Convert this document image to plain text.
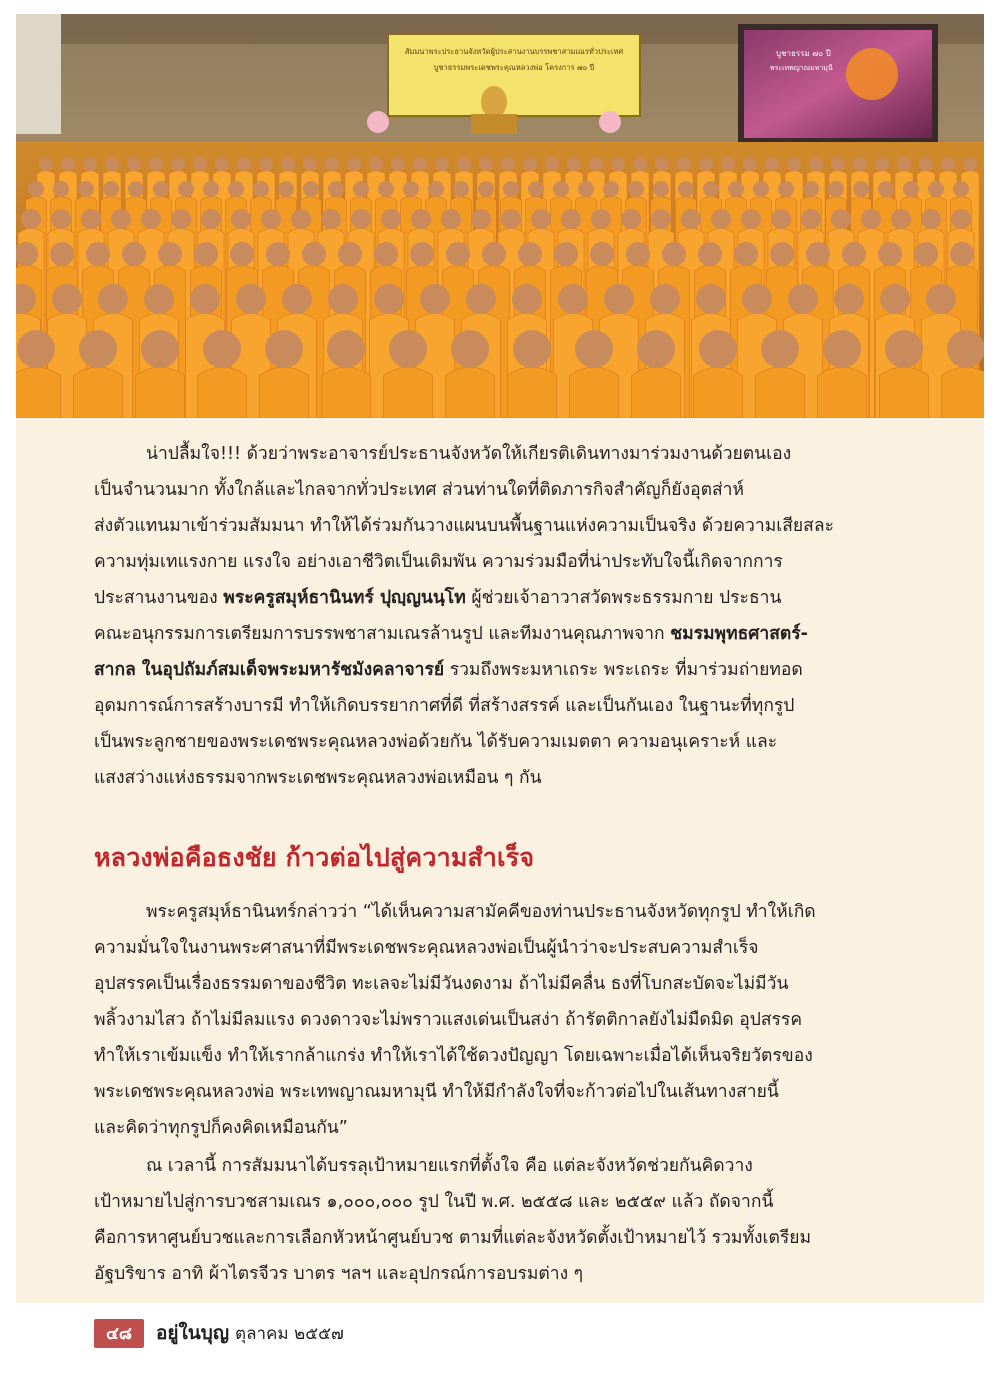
สัมมนาพระประธานจังหวัดผู้ประสานงานบรรพชาสามเณรทั่วประเทศ
บูชาธรรมพระเดชพระคุณหลวงพ่อ โครงการ ๗๐ ปี
บูชาธรรม ๗๐ ปี
พระเทพญาณมหามุนี
น่าปลื้มใจ!!! ด้วยว่าพระอาจารย์ประธานจังหวัดให้เกียรติเดินทางมาร่วมงานด้วยตนเอง
เป็นจำนวนมาก ทั้งใกล้และไกลจากทั่วประเทศ ส่วนท่านใดที่ติดภารกิจสำคัญก็ยังอุตส่าห์
ส่งตัวแทนมาเข้าร่วมสัมมนา ทำให้ได้ร่วมกันวางแผนบนพื้นฐานแห่งความเป็นจริง ด้วยความเสียสละ
ความทุ่มเทแรงกาย แรงใจ อย่างเอาชีวิตเป็นเดิมพัน ความร่วมมือที่น่าประทับใจนี้เกิดจากการ
ประสานงานของ พระครูสมุห์ธานินทร์ ปุญฺญนนฺโท ผู้ช่วยเจ้าอาวาสวัดพระธรรมกาย ประธาน
คณะอนุกรรมการเตรียมการบรรพชาสามเณรล้านรูป และทีมงานคุณภาพจาก ชมรมพุทธศาสตร์-
สากล ในอุปถัมภ์สมเด็จพระมหารัชมังคลาจารย์ รวมถึงพระมหาเถระ พระเถระ ที่มาร่วมถ่ายทอด
อุดมการณ์การสร้างบารมี ทำให้เกิดบรรยากาศที่ดี ที่สร้างสรรค์ และเป็นกันเอง ในฐานะที่ทุกรูป
เป็นพระลูกชายของพระเดชพระคุณหลวงพ่อด้วยกัน ได้รับความเมตตา ความอนุเคราะห์ และ
แสงสว่างแห่งธรรมจากพระเดชพระคุณหลวงพ่อเหมือน ๆ กัน
หลวงพ่อคือธงชัย ก้าวต่อไปสู่ความสำเร็จ
พระครูสมุห์ธานินทร์กล่าวว่า “ได้เห็นความสามัคคีของท่านประธานจังหวัดทุกรูป ทำให้เกิด
ความมั่นใจในงานพระศาสนาที่มีพระเดชพระคุณหลวงพ่อเป็นผู้นำว่าจะประสบความสำเร็จ
อุปสรรคเป็นเรื่องธรรมดาของชีวิต ทะเลจะไม่มีวันงดงาม ถ้าไม่มีคลื่น ธงที่โบกสะบัดจะไม่มีวัน
พลิ้วงามไสว ถ้าไม่มีลมแรง ดวงดาวจะไม่พราวแสงเด่นเป็นสง่า ถ้ารัตติกาลยังไม่มืดมิด อุปสรรค
ทำให้เราเข้มแข็ง ทำให้เรากล้าแกร่ง ทำให้เราได้ใช้ดวงปัญญา โดยเฉพาะเมื่อได้เห็นจริยวัตรของ
พระเดชพระคุณหลวงพ่อ พระเทพญาณมหามุนี ทำให้มีกำลังใจที่จะก้าวต่อไปในเส้นทางสายนี้
และคิดว่าทุกรูปก็คงคิดเหมือนกัน”
ณ เวลานี้ การสัมมนาได้บรรลุเป้าหมายแรกที่ตั้งใจ คือ แต่ละจังหวัดช่วยกันคิดวาง
เป้าหมายไปสู่การบวชสามเณร ๑,๐๐๐,๐๐๐ รูป ในปี พ.ศ. ๒๕๕๘ และ ๒๕๕๙ แล้ว ถัดจากนี้
คือการหาศูนย์บวชและการเลือกหัวหน้าศูนย์บวช ตามที่แต่ละจังหวัดตั้งเป้าหมายไว้ รวมทั้งเตรียม
อัฐบริขาร อาทิ ผ้าไตรจีวร บาตร ฯลฯ และอุปกรณ์การอบรมต่าง ๆ
๔๘	อยู่ในบุญ ตุลาคม ๒๕๕๗
